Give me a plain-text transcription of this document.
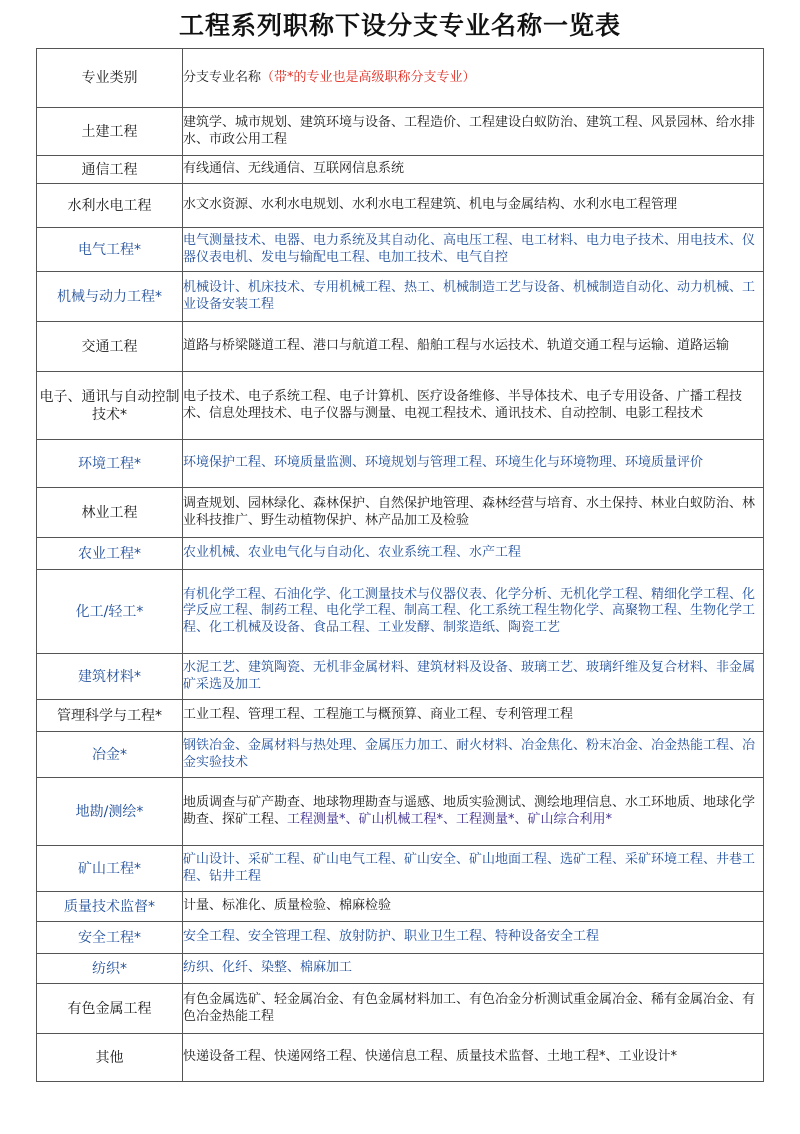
工程系列职称下设分支专业名称一览表
专业类别	分支专业名称（带*的专业也是高级职称分支专业）
土建工程	建筑学、城市规划、建筑环境与设备、工程造价、工程建设白蚁防治、建筑工程、风景园林、给水排水、市政公用工程
通信工程	有线通信、无线通信、互联网信息系统
水利水电工程	水文水资源、水利水电规划、水利水电工程建筑、机电与金属结构、水利水电工程管理
电气工程*	电气测量技术、电器、电力系统及其自动化、高电压工程、电工材料、电力电子技术、用电技术、仪器仪表电机、发电与输配电工程、电加工技术、电气自控
机械与动力工程*	机械设计、机床技术、专用机械工程、热工、机械制造工艺与设备、机械制造自动化、动力机械、工业设备安装工程
交通工程	道路与桥梁隧道工程、港口与航道工程、船舶工程与水运技术、轨道交通工程与运输、道路运输
电子、通讯与自动控制技术*	电子技术、电子系统工程、电子计算机、医疗设备维修、半导体技术、电子专用设备、广播工程技术、信息处理技术、电子仪器与测量、电视工程技术、通讯技术、自动控制、电影工程技术
环境工程*	环境保护工程、环境质量监测、环境规划与管理工程、环境生化与环境物理、环境质量评价
林业工程	调查规划、园林绿化、森林保护、自然保护地管理、森林经营与培育、水土保持、林业白蚁防治、林业科技推广、野生动植物保护、林产品加工及检验
农业工程*	农业机械、农业电气化与自动化、农业系统工程、水产工程
化工/轻工*	有机化学工程、石油化学、化工测量技术与仪器仪表、化学分析、无机化学工程、精细化学工程、化学反应工程、制药工程、电化学工程、制高工程、化工系统工程生物化学、高聚物工程、生物化学工程、化工机械及设备、食品工程、工业发酵、制浆造纸、陶瓷工艺
建筑材料*	水泥工艺、建筑陶瓷、无机非金属材料、建筑材料及设备、玻璃工艺、玻璃纤维及复合材料、非金属矿采选及加工
管理科学与工程*	工业工程、管理工程、工程施工与概预算、商业工程、专利管理工程
冶金*	钢铁冶金、金属材料与热处理、金属压力加工、耐火材料、冶金焦化、粉末冶金、冶金热能工程、冶金实验技术
地勘/测绘*	地质调查与矿产勘查、地球物理勘查与遥感、地质实验测试、测绘地理信息、水工环地质、地球化学勘查、探矿工程、工程测量*、矿山机械工程*、工程测量*、矿山综合利用*
矿山工程*	矿山设计、采矿工程、矿山电气工程、矿山安全、矿山地面工程、选矿工程、采矿环境工程、井巷工程、钻井工程
质量技术监督*	计量、标准化、质量检验、棉麻检验
安全工程*	安全工程、安全管理工程、放射防护、职业卫生工程、特种设备安全工程
纺织*	纺织、化纤、染整、棉麻加工
有色金属工程	有色金属选矿、轻金属冶金、有色金属材料加工、有色冶金分析测试重金属冶金、稀有金属冶金、有色冶金热能工程
其他	快递设备工程、快递网络工程、快递信息工程、质量技术监督、土地工程*、工业设计*
